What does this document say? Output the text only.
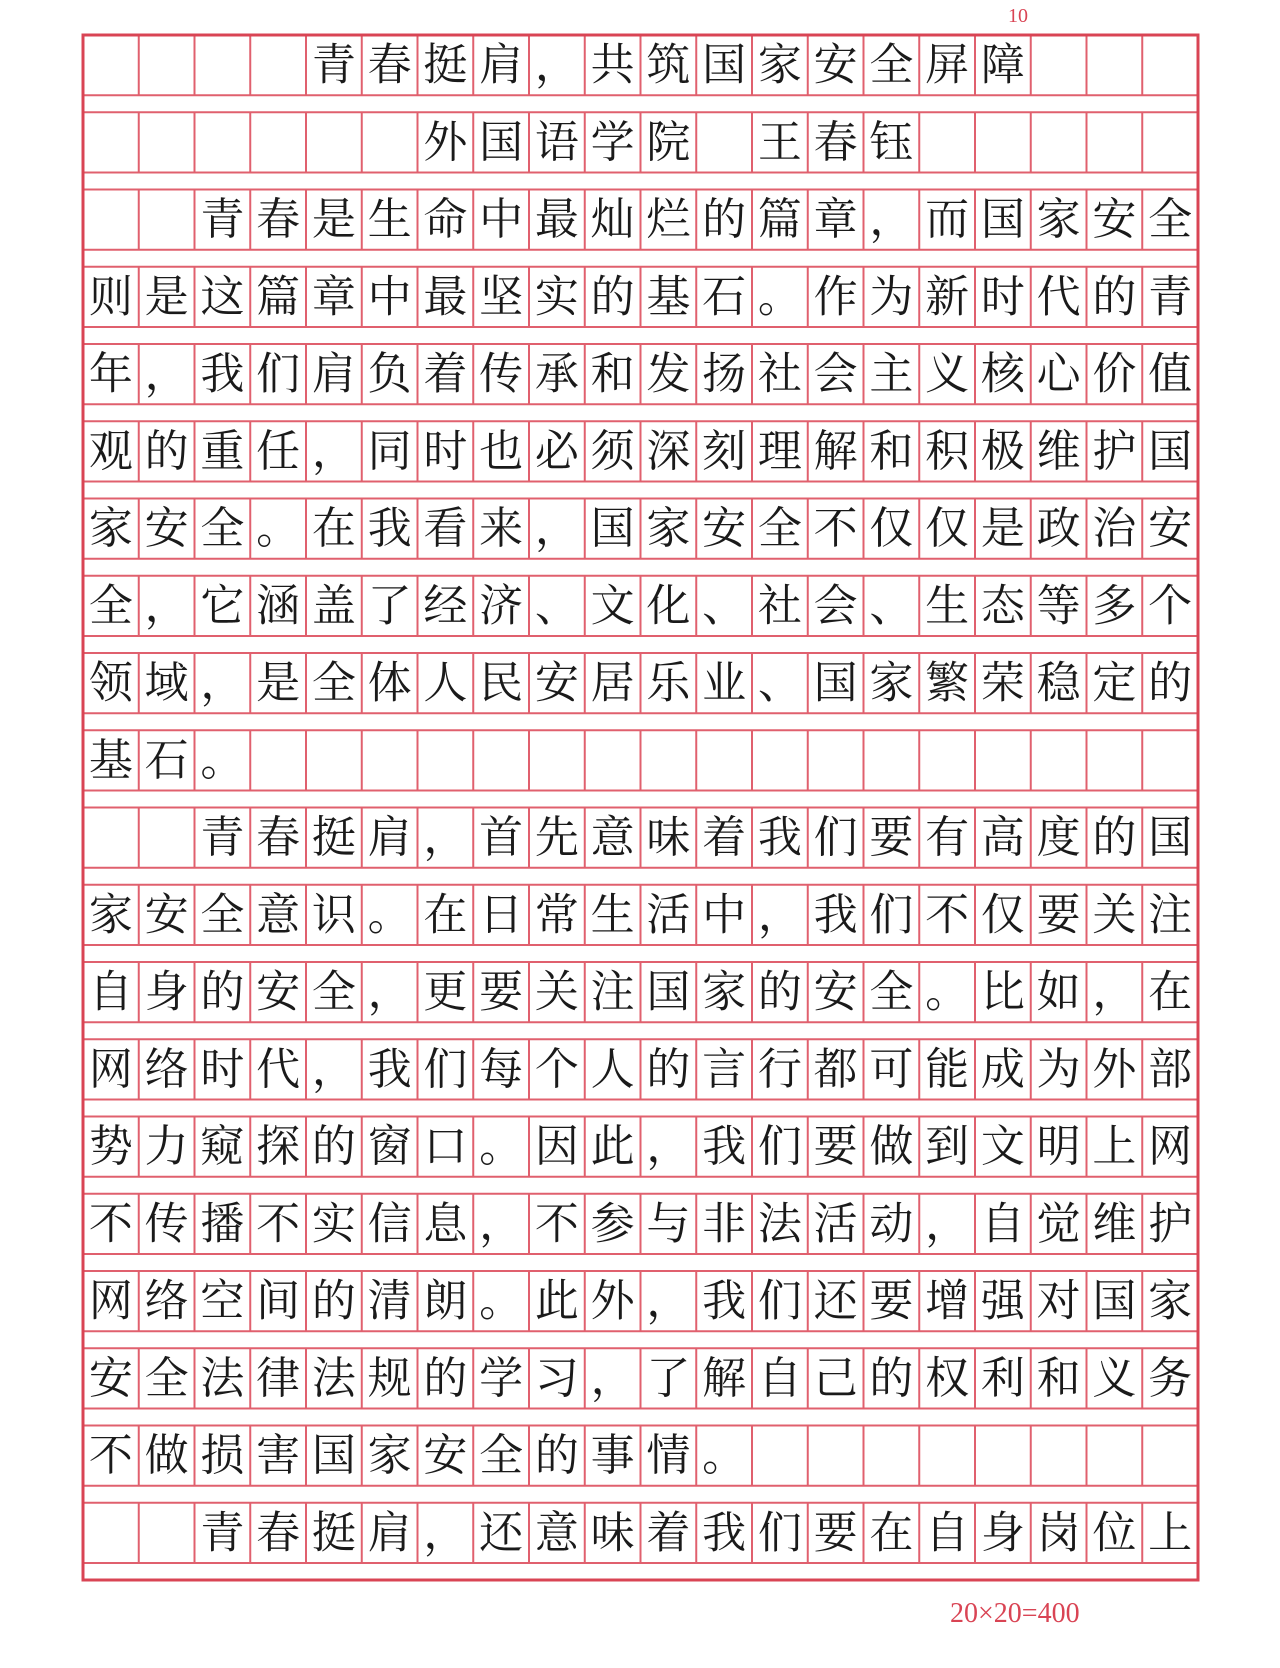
10
青 春 挺 肩 ， 共 筑 国 家 安 全 屏 障
外 国 语 学 院 王 春 钰
青 春 是 生 命 中 最 灿 烂 的 篇 章 ， 而 国 家 安 全
则 是 这 篇 章 中 最 坚 实 的 基 石 。 作 为 新 时 代 的 青
年 ， 我 们 肩 负 着 传 承 和 发 扬 社 会 主 义 核 心 价 值
观 的 重 任 ， 同 时 也 必 须 深 刻 理 解 和 积 极 维 护 国
家 安 全 。 在 我 看 来 ， 国 家 安 全 不 仅 仅 是 政 治 安
全 ， 它 涵 盖 了 经 济 、 文 化 、 社 会 、 生 态 等 多 个
领 域 ， 是 全 体 人 民 安 居 乐 业 、 国 家 繁 荣 稳 定 的
基 石 。
青 春 挺 肩 ， 首 先 意 味 着 我 们 要 有 高 度 的 国
家 安 全 意 识 。 在 日 常 生 活 中 ， 我 们 不 仅 要 关 注
自 身 的 安 全 ， 更 要 关 注 国 家 的 安 全 。 比 如 ， 在
网 络 时 代 ， 我 们 每 个 人 的 言 行 都 可 能 成 为 外 部
势 力 窥 探 的 窗 口 。 因 此 ， 我 们 要 做 到 文 明 上 网
不 传 播 不 实 信 息 ， 不 参 与 非 法 活 动 ， 自 觉 维 护
网 络 空 间 的 清 朗 。 此 外 ， 我 们 还 要 增 强 对 国 家
安 全 法 律 法 规 的 学 习 ， 了 解 自 己 的 权 利 和 义 务
不 做 损 害 国 家 安 全 的 事 情 。
青 春 挺 肩 ， 还 意 味 着 我 们 要 在 自 身 岗 位 上
20×20=400
